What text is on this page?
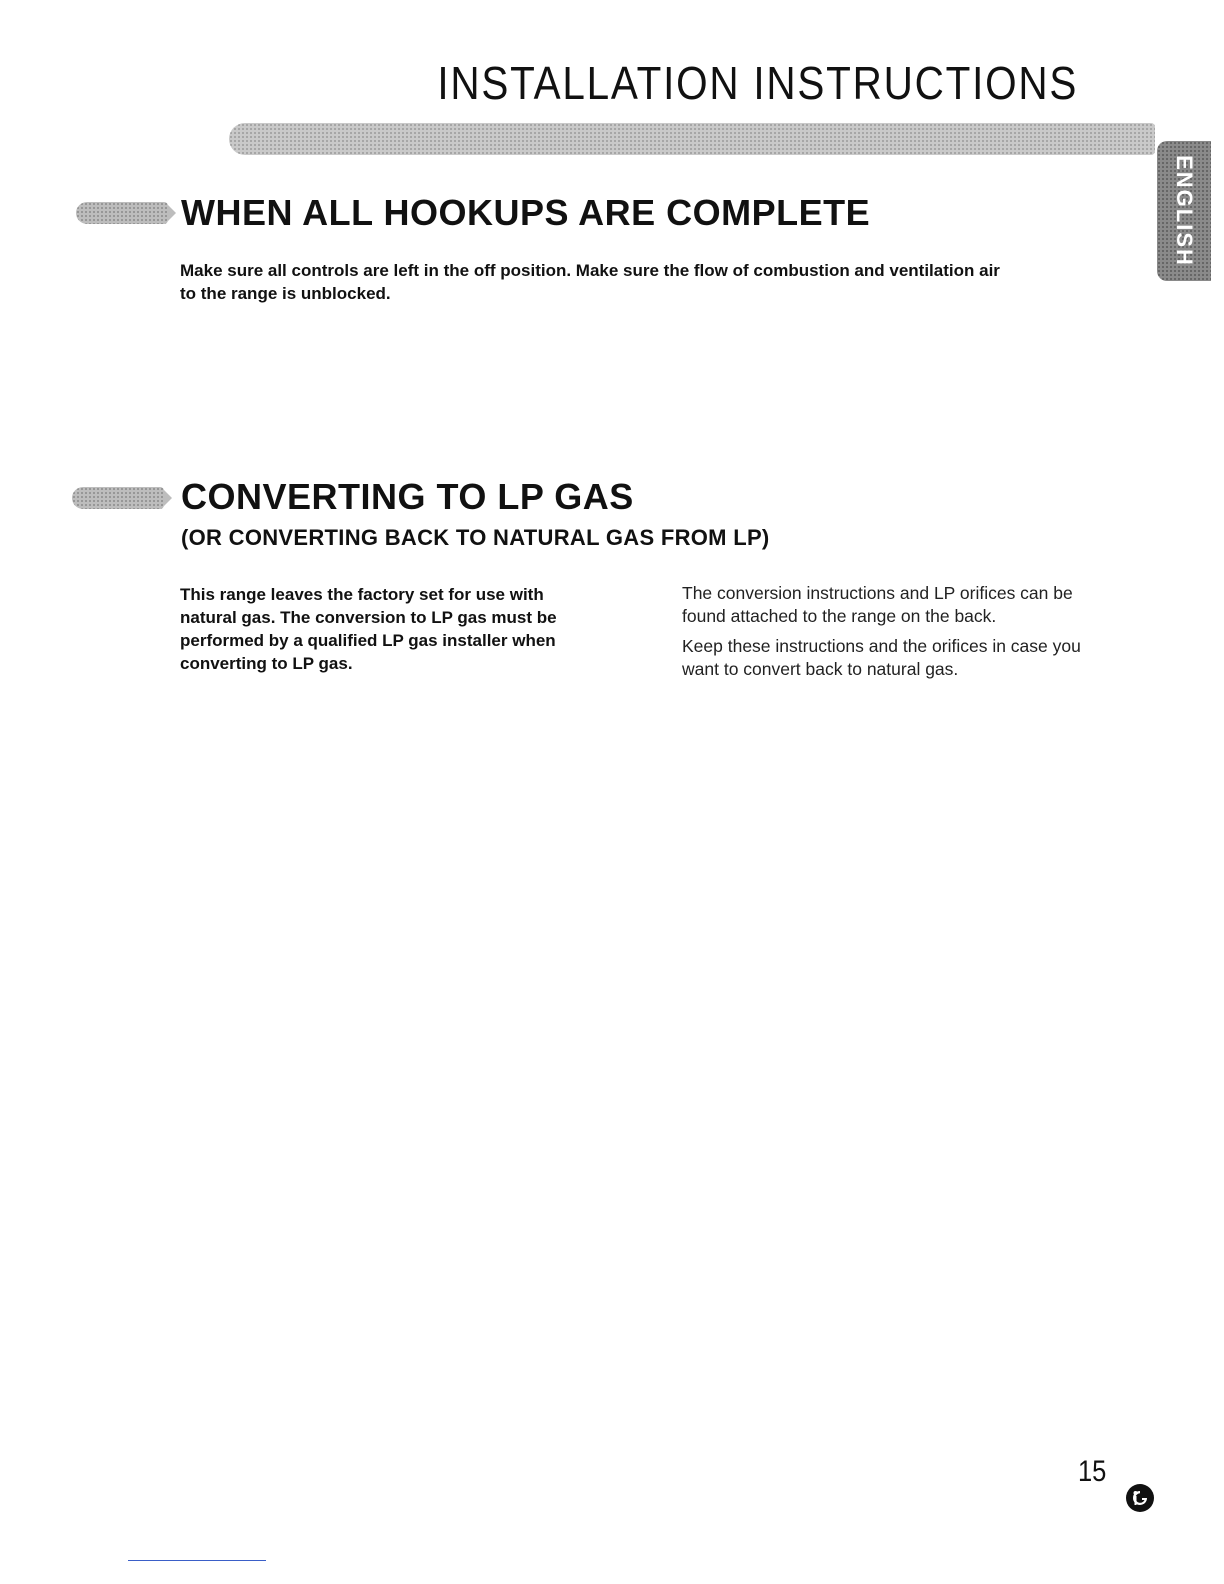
INSTALLATION INSTRUCTIONS
ENGLISH
WHEN ALL HOOKUPS ARE COMPLETE

Make sure all controls are left in the off position. Make sure the flow of combustion and ventilation air
to the range is unblocked.

CONVERTING TO LP GAS
(OR CONVERTING BACK TO NATURAL GAS FROM LP)

This range leaves the factory set for use with
natural gas. The conversion to LP gas must be
performed by a qualified LP gas installer when
converting to LP gas.

The conversion instructions and LP orifices can be
found attached to the range on the back.

Keep these instructions and the orifices in case you
want to convert back to natural gas.

15
LG
